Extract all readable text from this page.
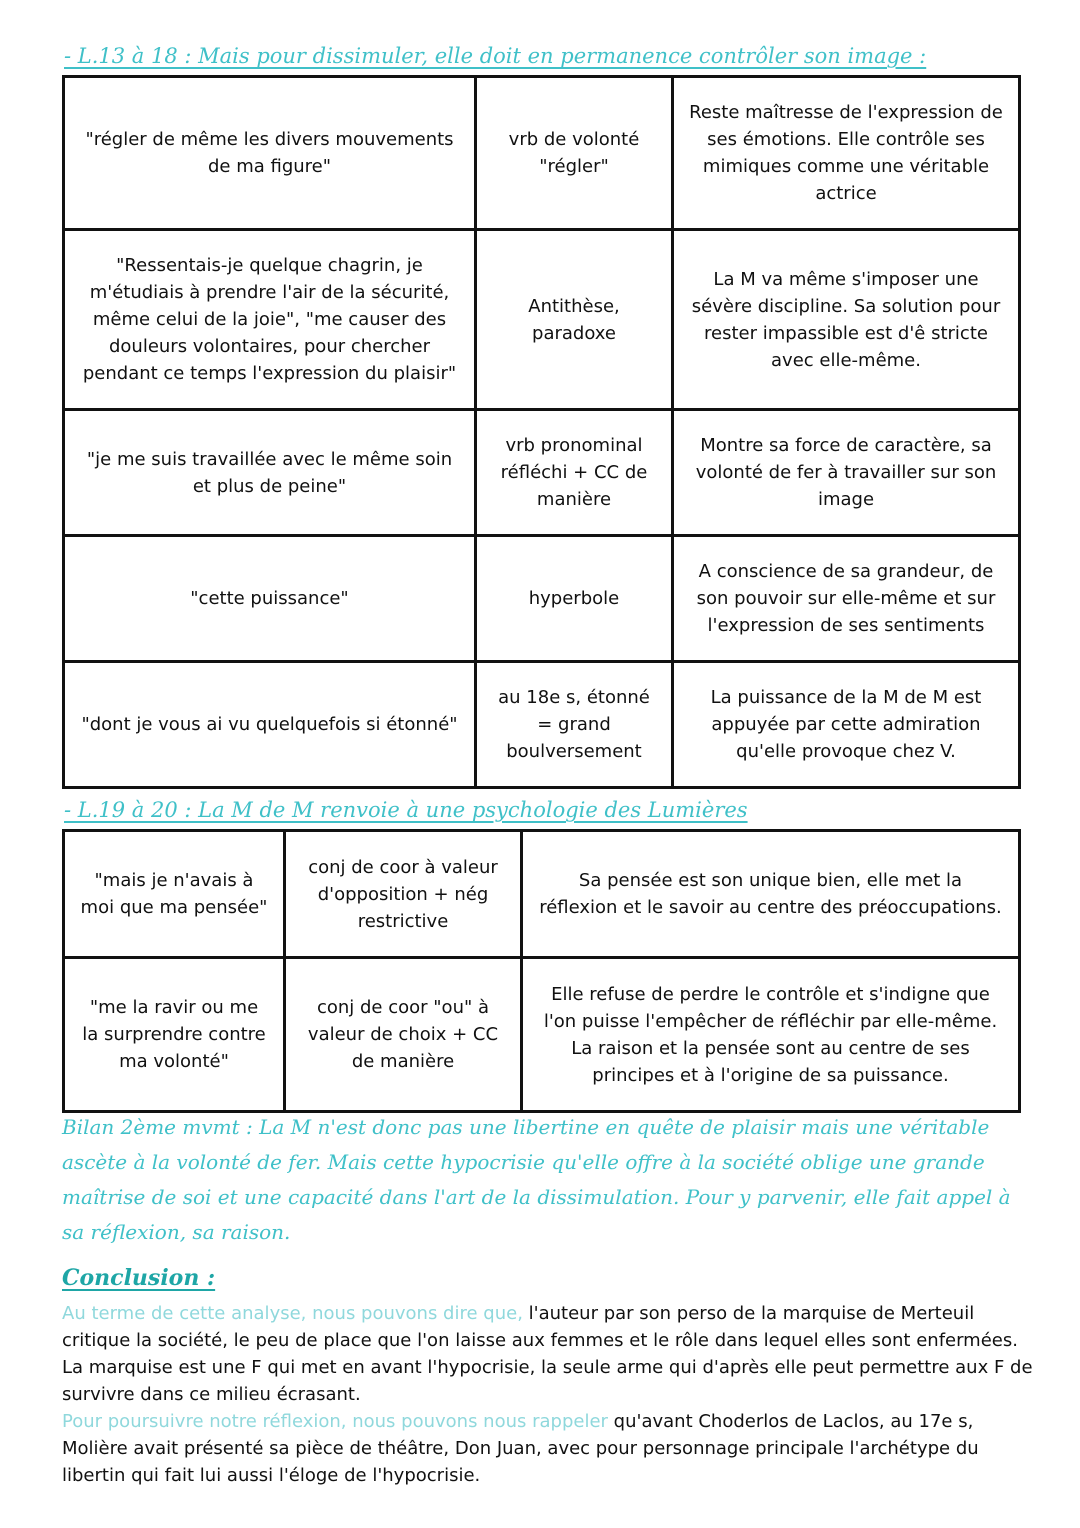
- L.13 à 18 : Mais pour dissimuler, elle doit en permanence contrôler son image :
"régler de même les divers mouvements de ma figure"	vrb de volonté "régler"	Reste maîtresse de l'expression de ses émotions. Elle contrôle ses mimiques comme une véritable actrice
"Ressentais-je quelque chagrin, je m'étudiais à prendre l'air de la sécurité, même celui de la joie", "me causer des douleurs volontaires, pour chercher pendant ce temps l'expression du plaisir"	Antithèse, paradoxe	La M va même s'imposer une sévère discipline. Sa solution pour rester impassible est d'ê stricte avec elle-même.
"je me suis travaillée avec le même soin et plus de peine"	vrb pronominal réfléchi + CC de manière	Montre sa force de caractère, sa volonté de fer à travailler sur son image
"cette puissance"	hyperbole	A conscience de sa grandeur, de son pouvoir sur elle-même et sur l'expression de ses sentiments
"dont je vous ai vu quelquefois si étonné"	au 18e s, étonné = grand boulversement	La puissance de la M de M est appuyée par cette admiration qu'elle provoque chez V.
- L.19 à 20 : La M de M renvoie à une psychologie des Lumières
"mais je n'avais à moi que ma pensée"	conj de coor à valeur d'opposition + nég restrictive	Sa pensée est son unique bien, elle met la réflexion et le savoir au centre des préoccupations.
"me la ravir ou me la surprendre contre ma volonté"	conj de coor "ou" à valeur de choix + CC de manière	Elle refuse de perdre le contrôle et s'indigne que l'on puisse l'empêcher de réfléchir par elle-même. La raison et la pensée sont au centre de ses principes et à l'origine de sa puissance.
Bilan 2ème mvmt : La M n'est donc pas une libertine en quête de plaisir mais une véritable ascète à la volonté de fer. Mais cette hypocrisie qu'elle offre à la société oblige une grande maîtrise de soi et une capacité dans l'art de la dissimulation. Pour y parvenir, elle fait appel à sa réflexion, sa raison.
Conclusion :
Au terme de cette analyse, nous pouvons dire que, l'auteur par son perso de la marquise de Merteuil critique la société, le peu de place que l'on laisse aux femmes et le rôle dans lequel elles sont enfermées. La marquise est une F qui met en avant l'hypocrisie, la seule arme qui d'après elle peut permettre aux F de survivre dans ce milieu écrasant.
Pour poursuivre notre réflexion, nous pouvons nous rappeler qu'avant Choderlos de Laclos, au 17e s, Molière avait présenté sa pièce de théâtre, Don Juan, avec pour personnage principale l'archétype du libertin qui fait lui aussi l'éloge de l'hypocrisie.
